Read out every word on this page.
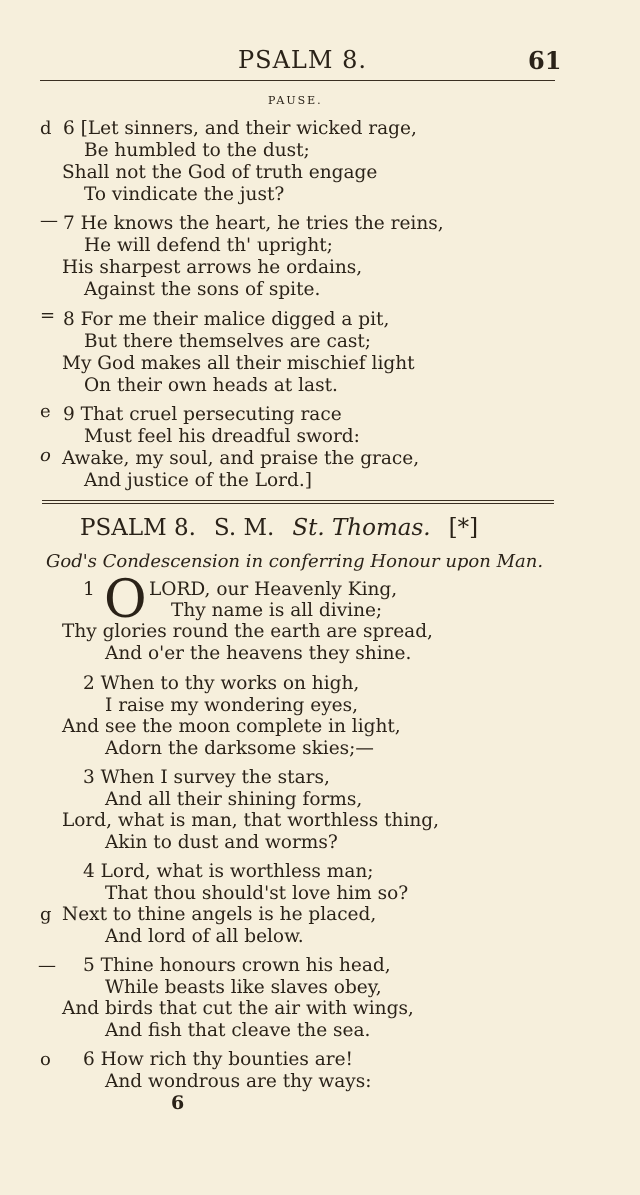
PSALM 8.	61
PAUSE.
d
—
=
e
o
6 [Let sinners, and their wicked rage,
Be humbled to the dust;
Shall not the God of truth engage
To vindicate the just?
7 He knows the heart, he tries the reins,
He will defend th' upright;
His sharpest arrows he ordains,
Against the sons of spite.
8 For me their malice digged a pit,
But there themselves are cast;
My God makes all their mischief light
On their own heads at last.
9 That cruel persecuting race
Must feel his dreadful sword:
Awake, my soul, and praise the grace,
And justice of the Lord.]
PSALM 8. S. M. St. Thomas. [*]
God's Condescension in conferring Honour upon Man.
1 O LORD, our Heavenly King,
Thy name is all divine;
Thy glories round the earth are spread,
And o'er the heavens they shine.
2 When to thy works on high,
I raise my wondering eyes,
And see the moon complete in light,
Adorn the darksome skies;—
3 When I survey the stars,
And all their shining forms,
Lord, what is man, that worthless thing,
Akin to dust and worms?
4 Lord, what is worthless man;
That thou should'st love him so?
g Next to thine angels is he placed,
And lord of all below.
— 5 Thine honours crown his head,
While beasts like slaves obey,
And birds that cut the air with wings,
And fish that cleave the sea.
o 6 How rich thy bounties are!
And wondrous are thy ways:
6
